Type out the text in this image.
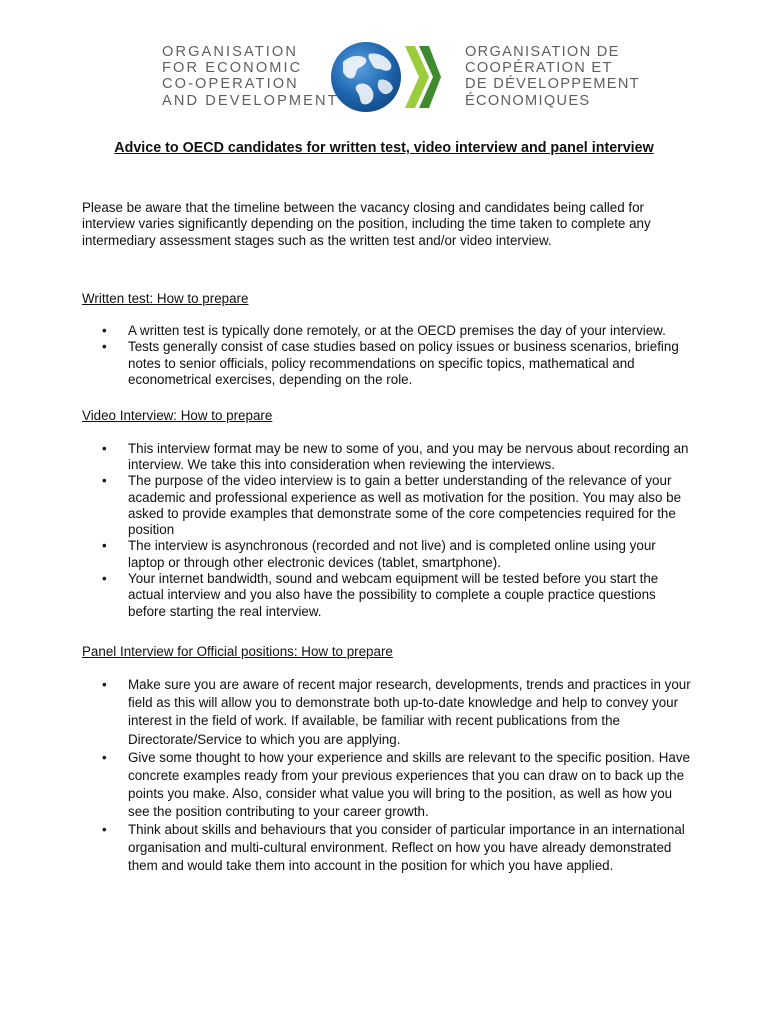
ORGANISATION
FOR ECONOMIC
CO-OPERATION
AND DEVELOPMENT
ORGANISATION DE
COOPÉRATION ET
DE DÉVELOPPEMENT
ÉCONOMIQUES
Advice to OECD candidates for written test, video interview and panel interview

Please be aware that the timeline between the vacancy closing and candidates being called for interview varies significantly depending on the position, including the time taken to complete any intermediary assessment stages such as the written test and/or video interview.

Written test: How to prepare

• A written test is typically done remotely, or at the OECD premises the day of your interview.
• Tests generally consist of case studies based on policy issues or business scenarios, briefing notes to senior officials, policy recommendations on specific topics, mathematical and econometrical exercises, depending on the role.

Video Interview: How to prepare

• This interview format may be new to some of you, and you may be nervous about recording an interview. We take this into consideration when reviewing the interviews.
• The purpose of the video interview is to gain a better understanding of the relevance of your academic and professional experience as well as motivation for the position. You may also be asked to provide examples that demonstrate some of the core competencies required for the position
• The interview is asynchronous (recorded and not live) and is completed online using your laptop or through other electronic devices (tablet, smartphone).
• Your internet bandwidth, sound and webcam equipment will be tested before you start the actual interview and you also have the possibility to complete a couple practice questions before starting the real interview.

Panel Interview for Official positions: How to prepare

• Make sure you are aware of recent major research, developments, trends and practices in your field as this will allow you to demonstrate both up-to-date knowledge and help to convey your interest in the field of work. If available, be familiar with recent publications from the Directorate/Service to which you are applying.
• Give some thought to how your experience and skills are relevant to the specific position. Have concrete examples ready from your previous experiences that you can draw on to back up the points you make. Also, consider what value you will bring to the position, as well as how you see the position contributing to your career growth.
• Think about skills and behaviours that you consider of particular importance in an international organisation and multi-cultural environment. Reflect on how you have already demonstrated them and would take them into account in the position for which you have applied.
